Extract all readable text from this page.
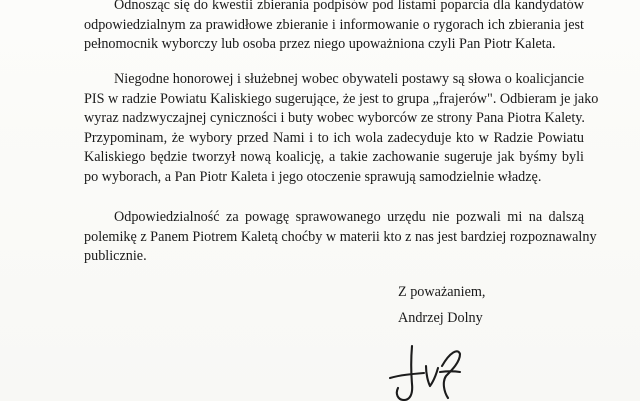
Odnosząc się do kwestii zbierania podpisów pod listami poparcia dla kandydatów
odpowiedzialnym za prawidłowe zbieranie i informowanie o rygorach ich zbierania jest
pełnomocnik wyborczy lub osoba przez niego upoważniona czyli Pan Piotr Kaleta.

Niegodne honorowej i służebnej wobec obywateli postawy są słowa o koalicjancie
PIS w radzie Powiatu Kaliskiego sugerujące, że jest to grupa „frajerów". Odbieram je jako
wyraz nadzwyczajnej cyniczności i buty wobec wyborców ze strony Pana Piotra Kalety.
Przypominam, że wybory przed Nami i to ich wola zadecyduje kto w Radzie Powiatu
Kaliskiego będzie tworzył nową koalicję, a takie zachowanie sugeruje jak byśmy byli
po wyborach, a Pan Piotr Kaleta i jego otoczenie sprawują samodzielnie władzę.

Odpowiedzialność za powagę sprawowanego urzędu nie pozwali mi na dalszą
polemikę z Panem Piotrem Kaletą choćby w materii kto z nas jest bardziej rozpoznawalny
publicznie.

Z poważaniem,
Andrzej Dolny
